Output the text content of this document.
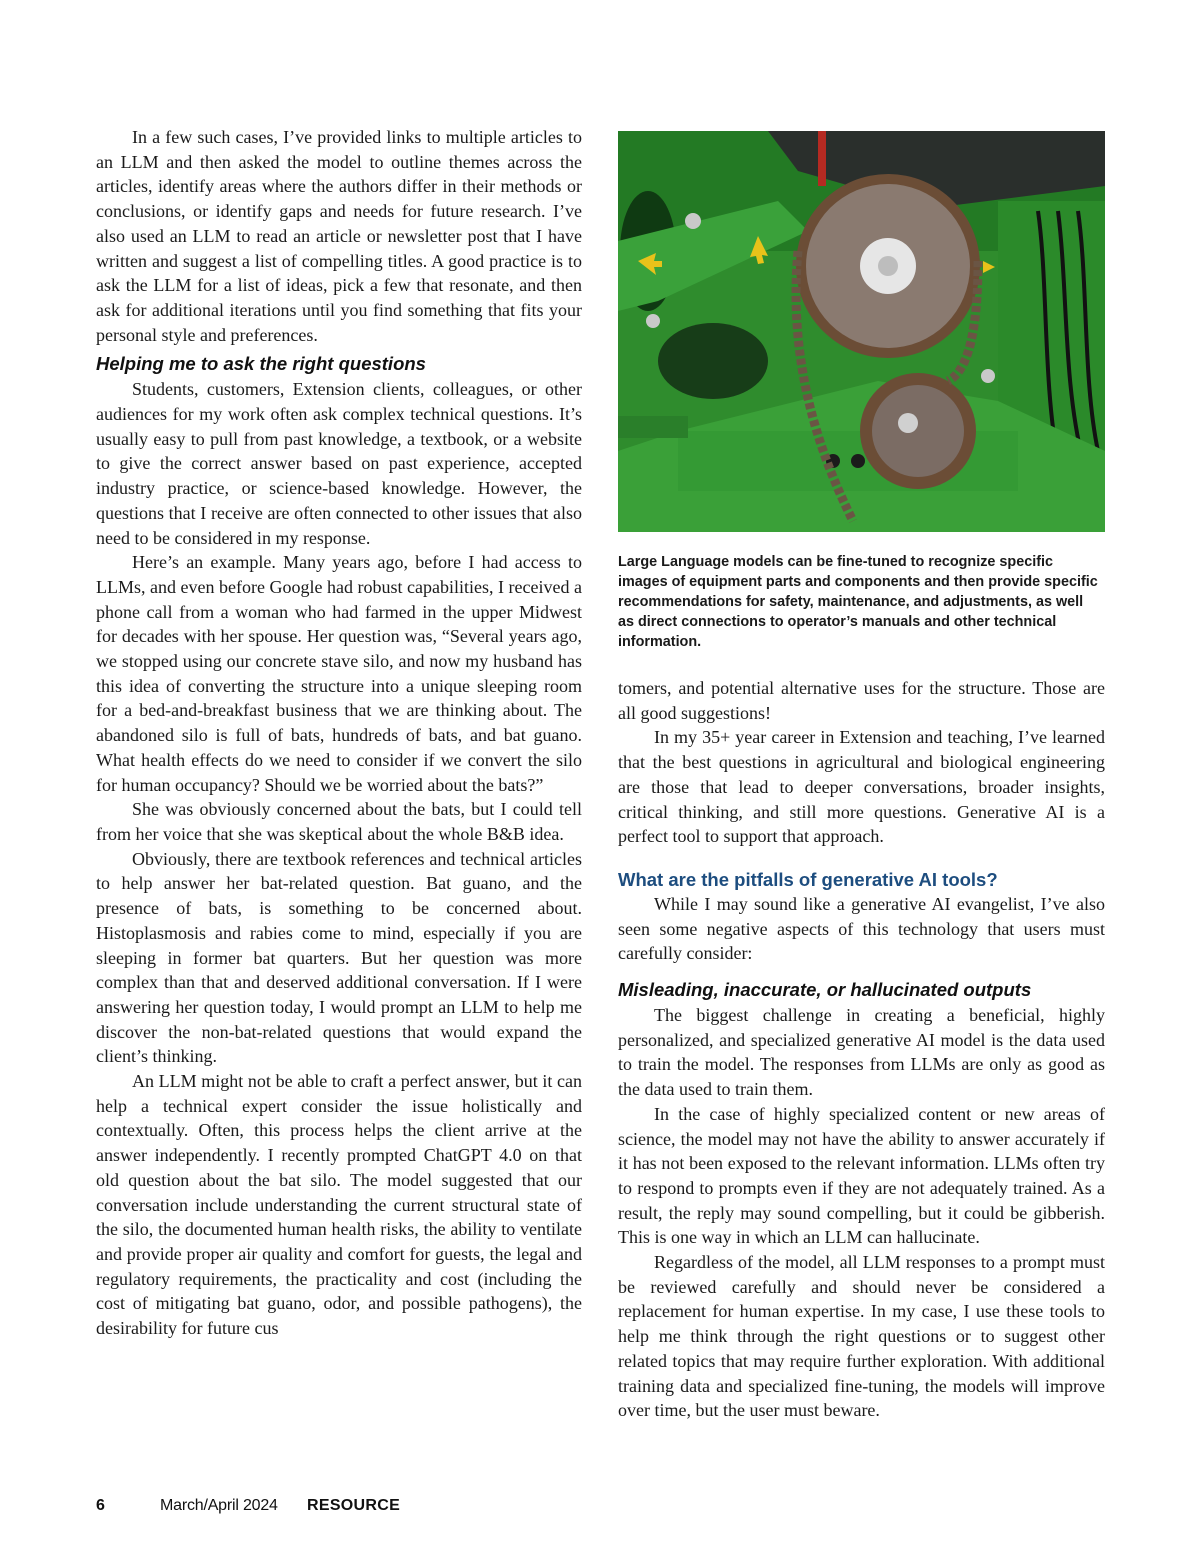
In a few such cases, I’ve provided links to multiple articles to an LLM and then asked the model to outline themes across the articles, identify areas where the authors differ in their methods or conclusions, or identify gaps and needs for future research. I’ve also used an LLM to read an article or newsletter post that I have written and suggest a list of compelling titles. A good practice is to ask the LLM for a list of ideas, pick a few that resonate, and then ask for additional iterations until you find something that fits your personal style and preferences.

Helping me to ask the right questions

Students, customers, Extension clients, colleagues, or other audiences for my work often ask complex technical questions. It’s usually easy to pull from past knowledge, a textbook, or a website to give the correct answer based on past experience, accepted industry practice, or science-based knowledge. However, the questions that I receive are often connected to other issues that also need to be considered in my response.

Here’s an example. Many years ago, before I had access to LLMs, and even before Google had robust capabilities, I received a phone call from a woman who had farmed in the upper Midwest for decades with her spouse. Her question was, “Several years ago, we stopped using our concrete stave silo, and now my husband has this idea of converting the structure into a unique sleeping room for a bed-and-breakfast business that we are thinking about. The abandoned silo is full of bats, hundreds of bats, and bat guano. What health effects do we need to consider if we convert the silo for human occupancy? Should we be worried about the bats?”

She was obviously concerned about the bats, but I could tell from her voice that she was skeptical about the whole B&B idea.

Obviously, there are textbook references and technical articles to help answer her bat-related question. Bat guano, and the presence of bats, is something to be concerned about. Histoplasmosis and rabies come to mind, especially if you are sleeping in former bat quarters. But her question was more complex than that and deserved additional conversation. If I were answering her question today, I would prompt an LLM to help me discover the non-bat-related questions that would expand the client’s thinking.

An LLM might not be able to craft a perfect answer, but it can help a technical expert consider the issue holistically and contextually. Often, this process helps the client arrive at the answer independently. I recently prompted ChatGPT 4.0 on that old question about the bat silo. The model suggested that our conversation include understanding the current structural state of the silo, the documented human health risks, the ability to ventilate and provide proper air quality and comfort for guests, the legal and regulatory requirements, the practicality and cost (including the cost of mitigating bat guano, odor, and possible pathogens), the desirability for future cus

Large Language models can be fine-tuned to recognize specific images of equipment parts and components and then provide specific recommendations for safety, maintenance, and adjustments, as well as direct connections to operator’s manuals and other technical information.

tomers, and potential alternative uses for the structure. Those are all good suggestions!

In my 35+ year career in Extension and teaching, I’ve learned that the best questions in agricultural and biological engineering are those that lead to deeper conversations, broader insights, critical thinking, and still more questions. Generative AI is a perfect tool to support that approach.

What are the pitfalls of generative AI tools?

While I may sound like a generative AI evangelist, I’ve also seen some negative aspects of this technology that users must carefully consider:

Misleading, inaccurate, or hallucinated outputs

The biggest challenge in creating a beneficial, highly personalized, and specialized generative AI model is the data used to train the model. The responses from LLMs are only as good as the data used to train them.

In the case of highly specialized content or new areas of science, the model may not have the ability to answer accurately if it has not been exposed to the relevant information. LLMs often try to respond to prompts even if they are not adequately trained. As a result, the reply may sound compelling, but it could be gibberish. This is one way in which an LLM can hallucinate.

Regardless of the model, all LLM responses to a prompt must be reviewed carefully and should never be considered a replacement for human expertise. In my case, I use these tools to help me think through the right questions or to suggest other related topics that may require further exploration. With additional training data and specialized fine-tuning, the models will improve over time, but the user must beware.

6	March/April 2024 RESOURCE
